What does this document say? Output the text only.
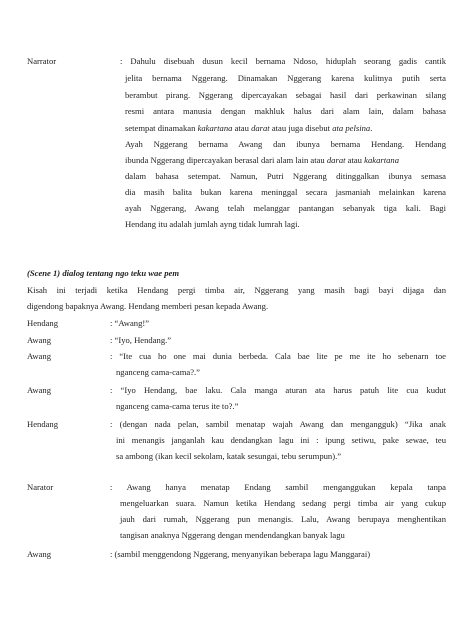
Narrator	: Dahulu disebuah dusun kecil bernama Ndoso, hiduplah seorang gadis cantik
jelita bernama Nggerang. Dinamakan Nggerang karena kulitnya putih serta
berambut pirang. Nggerang dipercayakan sebagai hasil dari perkawinan silang
resmi antara manusia dengan makhluk halus dari alam lain, dalam bahasa
setempat dinamakan kakartana atau darat atau juga disebut ata pelsina.
Ayah Nggerang bernama Awang dan ibunya bernama Hendang. Hendang
ibunda Nggerang dipercayakan berasal dari alam lain atau darat atau kakartana
dalam bahasa setempat. Namun, Putri Nggerang ditinggalkan ibunya semasa
dia masih balita bukan karena meninggal secara jasmaniah melainkan karena
ayah Nggerang, Awang telah melanggar pantangan sebanyak tiga kali. Bagi
Hendang itu adalah jumlah ayng tidak lumrah lagi.
(Scene 1) dialog tentang ngo teku wae pem
Kisah ini terjadi ketika Hendang pergi timba air, Nggerang yang masih bagi bayi dijaga dan
digendong bapaknya Awang. Hendang memberi pesan kepada Awang.
Hendang	: “Awang!”
Awang	: “Iyo, Hendang.”
Awang	: “Ite cua ho one mai dunia berbeda. Cala bae lite pe me ite ho sebenarn toe
nganceng cama-cama?.”
Awang	: “Iyo Hendang, bae laku. Cala manga aturan ata harus patuh lite cua kudut
nganceng cama-cama terus ite to?.”
Hendang	: (dengan nada pelan, sambil menatap wajah Awang dan mengangguk) “Jika anak
ini menangis janganlah kau dendangkan lagu ini : ipung setiwu, pake sewae, teu
sa ambong (ikan kecil sekolam, katak sesungai, tebu serumpun).”
Narator	: Awang hanya menatap Endang sambil menganggukan kepala tanpa
mengeluarkan suara. Namun ketika Hendang sedang pergi timba air yang cukup
jauh dari rumah, Nggerang pun menangis. Lalu, Awang berupaya menghentikan
tangisan anaknya Nggerang dengan mendendangkan banyak lagu
Awang	: (sambil menggendong Nggerang, menyanyikan beberapa lagu Manggarai)
